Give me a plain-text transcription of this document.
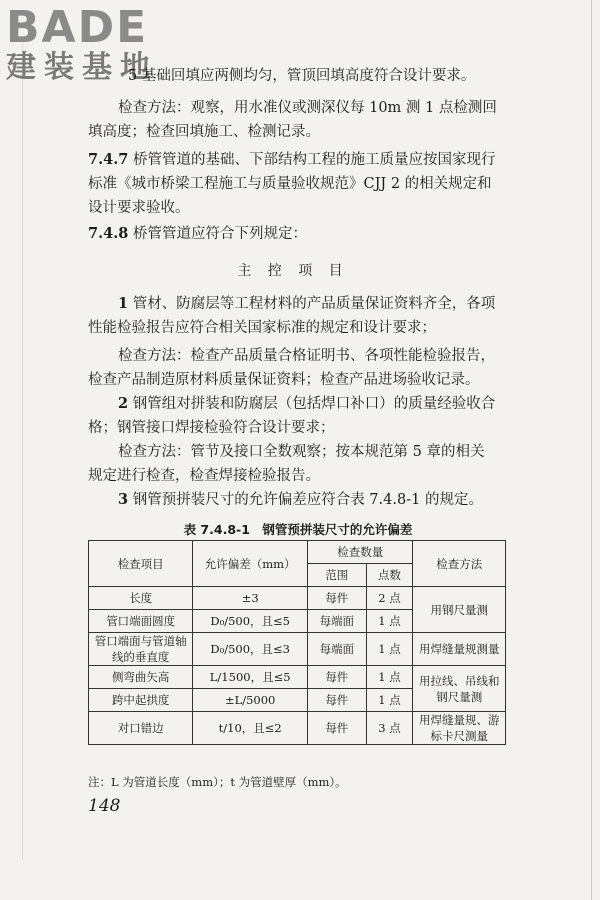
BADE
建装基地
5 基础回填应两侧均匀，管顶回填高度符合设计要求。
检查方法：观察，用水准仪或测深仪每 10m 测 1 点检测回填高度；检查回填施工、检测记录。
7.4.7 桥管管道的基础、下部结构工程的施工质量应按国家现行标准《城市桥梁工程施工与质量验收规范》CJJ 2 的相关规定和设计要求验收。
7.4.8 桥管管道应符合下列规定：
主 控 项 目
1 管材、防腐层等工程材料的产品质量保证资料齐全，各项性能检验报告应符合相关国家标准的规定和设计要求；
检查方法：检查产品质量合格证明书、各项性能检验报告，检查产品制造原材料质量保证资料；检查产品进场验收记录。
2 钢管组对拼装和防腐层（包括焊口补口）的质量经验收合格；钢管接口焊接检验符合设计要求；
检查方法：管节及接口全数观察；按本规范第 5 章的相关规定进行检查，检查焊接检验报告。
3 钢管预拼装尺寸的允许偏差应符合表 7.4.8-1 的规定。
表 7.4.8-1　钢管预拼装尺寸的允许偏差
检查项目	允许偏差（mm）	检查数量		检查方法
		范围	点数	
长度	±3	每件	2 点	用钢尺量测
管口端面圆度	D₀/500，且≤5	每端面	1 点	
管口端面与管道轴线的垂直度	D₀/500，且≤3	每端面	1 点	用焊缝量规测量
侧弯曲矢高	L/1500，且≤5	每件	1 点	用拉线、吊线和钢尺量测
跨中起拱度	±L/5000	每件	1 点	
对口错边	t/10，且≤2	每件	3 点	用焊缝量规、游标卡尺测量
注：L 为管道长度（mm）；t 为管道壁厚（mm）。
148
